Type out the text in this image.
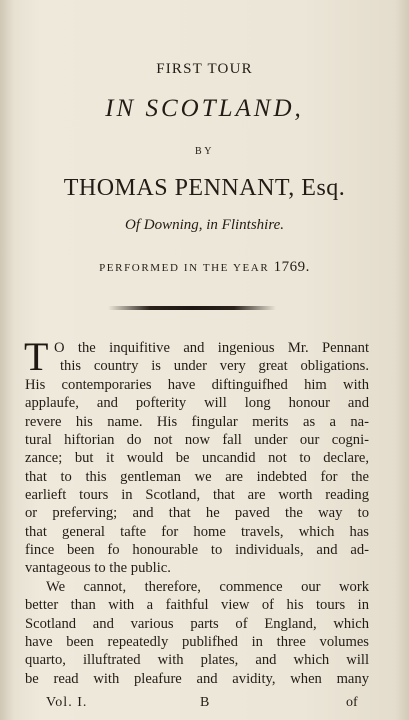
FIRST TOUR
IN SCOTLAND,
BY
THOMAS PENNANT, Esq.
Of Downing, in Flintshire.
PERFORMED IN THE YEAR 1769.
T O the inquifitive and ingenious Mr. Pennant
this country is under very great obligations.
His contemporaries have diftinguifhed him with
applaufe, and pofterity will long honour and
revere his name. His fingular merits as a na-
tural hiftorian do not now fall under our cogni-
zance; but it would be uncandid not to declare,
that to this gentleman we are indebted for the
earlieft tours in Scotland, that are worth reading
or preferving; and that he paved the way to
that general tafte for home travels, which has
fince been fo honourable to individuals, and ad-
vantageous to the public.
We cannot, therefore, commence our work
better than with a faithful view of his tours in
Scotland and various parts of England, which
have been repeatedly publifhed in three volumes
quarto, illuftrated with plates, and which will
be read with pleafure and avidity, when many
Vol. I.	B	of
